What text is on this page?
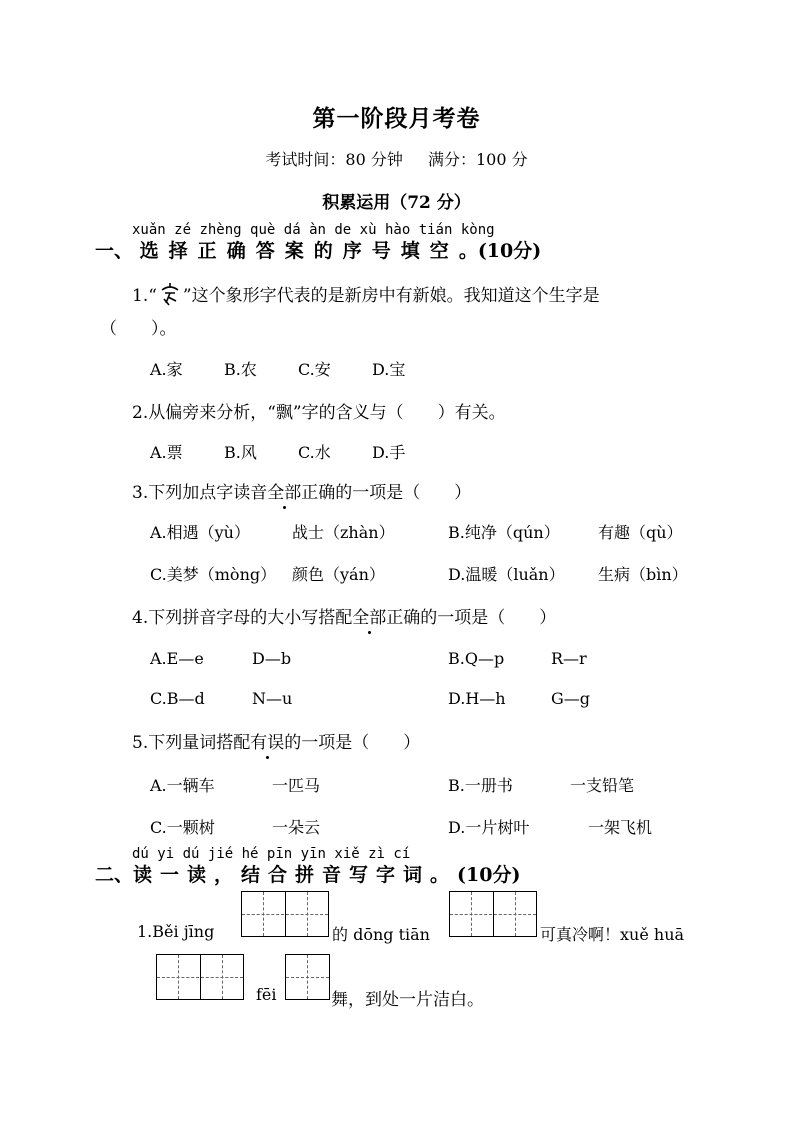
第一阶段月考卷
考试时间：80 分钟 满分：100 分
积累运用（72 分）
xuǎn zé zhèng què dá àn de xù hào tián kòng
一、 选择正确答案的序号填空。(10分)
1.“ ”这个象形字代表的是新房中有新娘。我知道这个生字是
（　　）。
A.家	B.农	C.安	D.宝
2.从偏旁来分析，“飘”字的含义与（　　）有关。
A.票	B.风	C.水	D.手
3.下列加点字读音全部正确的一项是（　　）
A.相遇（yù）	战士（zhàn）	B.纯净（qún） 有趣（qù）
C.美梦（mòng） 颜色（yán）	D.温暖（luǎn） 生病（bìn）
4.下列拼音字母的大小写搭配全部正确的一项是（　　）
A.E—e	D—b	B.Q—p	R—r
C.B—d	N—u	D.H—h	G—g
5.下列量词搭配有误的一项是（　　）
A.一辆车	一匹马	B.一册书	一支铅笔
C.一颗树	一朵云	D.一片树叶	一架飞机
dú yi dú jié hé pīn yīn xiě zì cí
二、读一读，结合拼音写字词。(10分)
1.Běi jīng	的 dōng tiān	可真冷啊！xuě huā
fēi	舞，到处一片洁白。
